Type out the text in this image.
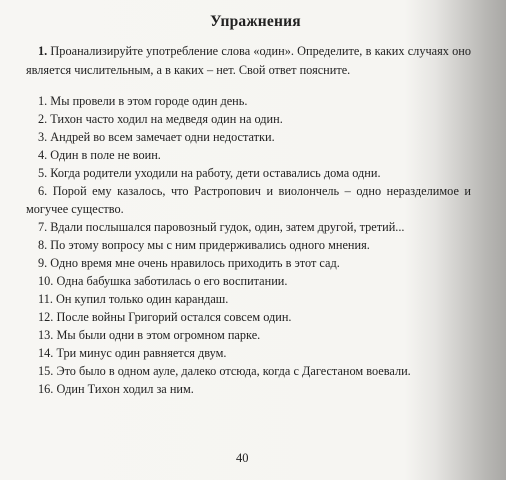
Упражнения

1. Проанализируйте употребление слова «один». Определите, в каких случаях оно является числительным, а в каких – нет. Свой ответ поясните.

1. Мы провели в этом городе один день.
2. Тихон часто ходил на медведя один на один.
3. Андрей во всем замечает одни недостатки.
4. Один в поле не воин.
5. Когда родители уходили на работу, дети оставались дома одни.
6. Порой ему казалось, что Растропович и виолончель – одно неразделимое и могучее существо.
7. Вдали послышался паровозный гудок, один, затем другой, третий...
8. По этому вопросу мы с ним придерживались одного мнения.
9. Одно время мне очень нравилось приходить в этот сад.
10. Одна бабушка заботилась о его воспитании.
11. Он купил только один карандаш.
12. После войны Григорий остался совсем один.
13. Мы были одни в этом огромном парке.
14. Три минус один равняется двум.
15. Это было в одном ауле, далеко отсюда, когда с Дагестаном воевали.
16. Один Тихон ходил за ним.
40
